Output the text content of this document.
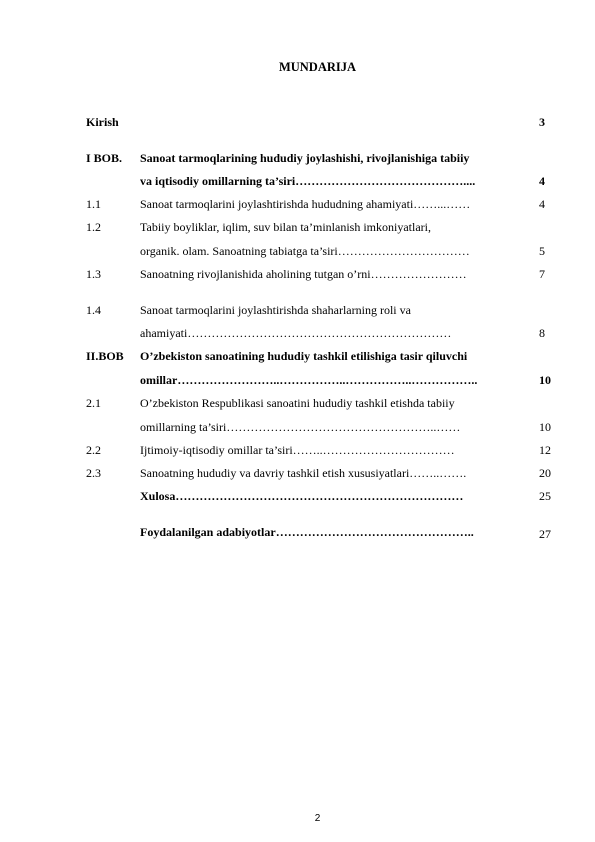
MUNDARIJA
Kirish	3
I BOB. Sanoat tarmoqlarining hududiy joylashishi, rivojlanishiga tabiiy
va iqtisodiy omillarning ta’siri……………………………………....	4
1.1	Sanoat tarmoqlarini joylashtirishda hududning ahamiyati……...……	4
1.2	Tabiiy boyliklar, iqlim, suv bilan ta’minlanish imkoniyatlari,
organik. olam. Sanoatning tabiatga ta’siri……………………………	5
1.3	Sanoatning rivojlanishida aholining tutgan o’rni……………………	7
1.4	Sanoat tarmoqlarini joylashtirishda shaharlarning roli va
ahamiyati…………………………………………………………	8
II.BOB O’zbekiston sanoatining hududiy tashkil etilishiga tasir qiluvchi
omillar……………………..……………..……………..……………..	10
2.1	O’zbekiston Respublikasi sanoatini hududiy tashkil etishda tabiiy
omillarning ta’siri……………………………………………..……	10
2.2	Ijtimoiy-iqtisodiy omillar ta’siri……..……………………………	12
2.3	Sanoatning hududiy va davriy tashkil etish xususiyatlari……..…….	20
Xulosa………………………………………………………………	25
Foydalanilgan adabiyotlar…………………………………………..	27
2
